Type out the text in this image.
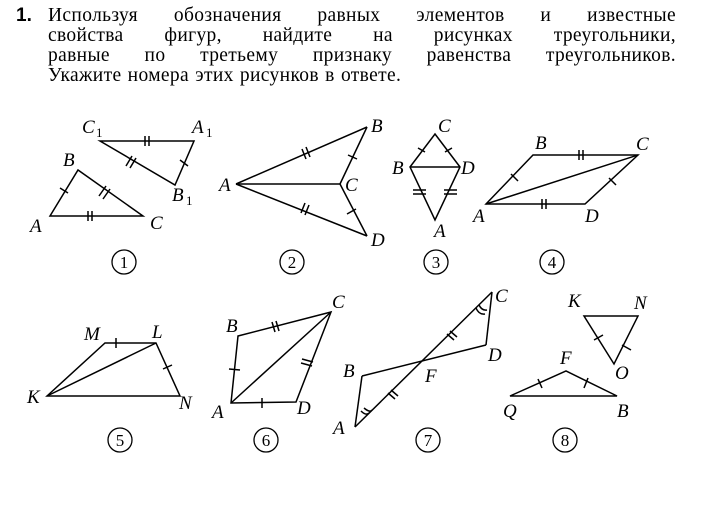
1. Используя обозначения равных элементов и известные
свойства фигур, найдите на рисунках треугольники,
равные по третьему признаку равенства треугольников.
Укажите номера этих рисунков в ответе.
C 1	A 1
B 1
B
A	C
A
B
C
D
C
B	D
A
B	C
A	D
M	L
K	N
B
C
A	D
C
D
B	F
A
K	N
O
F
Q	B
1	2	3	4
5	6	7	8
